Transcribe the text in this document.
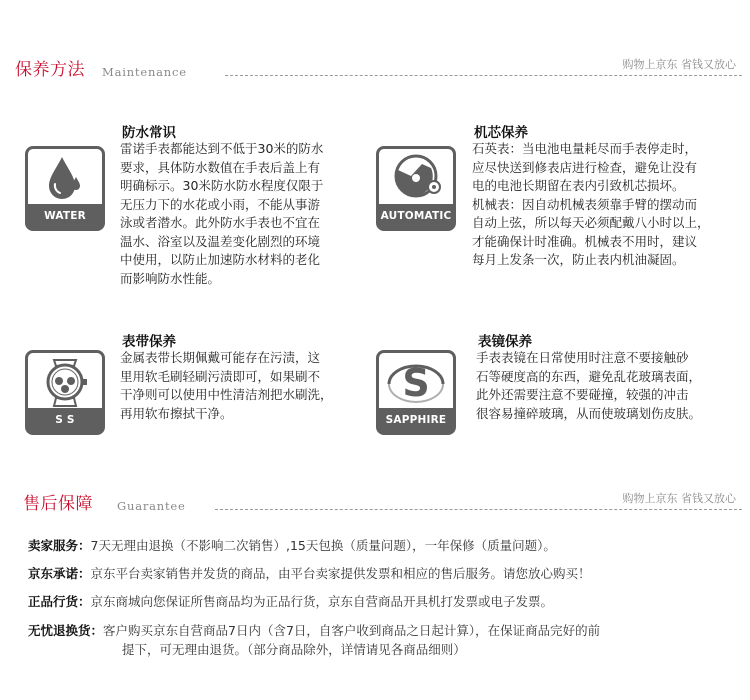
保养方法 Maintenance
购物上京东 省钱又放心
WATER PROOF
防水常识
雷诺手表都能达到不低于30米的防水
要求，具体防水数值在手表后盖上有
明确标示。30米防水防水程度仅限于
无压力下的水花或小雨，不能从事游
泳或者潜水。此外防水手表也不宜在
温水、浴室以及温差变化剧烈的环境
中使用，以防止加速防水材料的老化
而影响防水性能。
AUTOMATIC
机芯保养
石英表：当电池电量耗尽而手表停走时，
应尽快送到修表店进行检查，避免让没有
电的电池长期留在表内引致机芯损坏。
机械表：因自动机械表须靠手臂的摆动而
自动上弦，所以每天必须配戴八小时以上，
才能确保计时准确。机械表不用时，建议
每月上发条一次，防止表内机油凝固。
S S
表带保养
金属表带长期佩戴可能存在污渍，这
里用软毛刷轻刷污渍即可，如果刷不
干净则可以使用中性清洁剂把水刷洗，
再用软布擦拭干净。
S
SAPPHIRE
表镜保养
手表表镜在日常使用时注意不要接触砂
石等硬度高的东西，避免乱花玻璃表面，
此外还需要注意不要碰撞，较强的冲击
很容易撞碎玻璃，从而使玻璃划伤皮肤。
售后保障 Guarantee
购物上京东 省钱又放心
卖家服务：7天无理由退换（不影响二次销售）,15天包换（质量问题），一年保修（质量问题）。
京东承诺：京东平台卖家销售并发货的商品，由平台卖家提供发票和相应的售后服务。请您放心购买！
正品行货：京东商城向您保证所售商品均为正品行货，京东自营商品开具机打发票或电子发票。
无忧退换货：客户购买京东自营商品7日内（含7日，自客户收到商品之日起计算），在保证商品完好的前
提下，可无理由退货。（部分商品除外，详情请见各商品细则）
